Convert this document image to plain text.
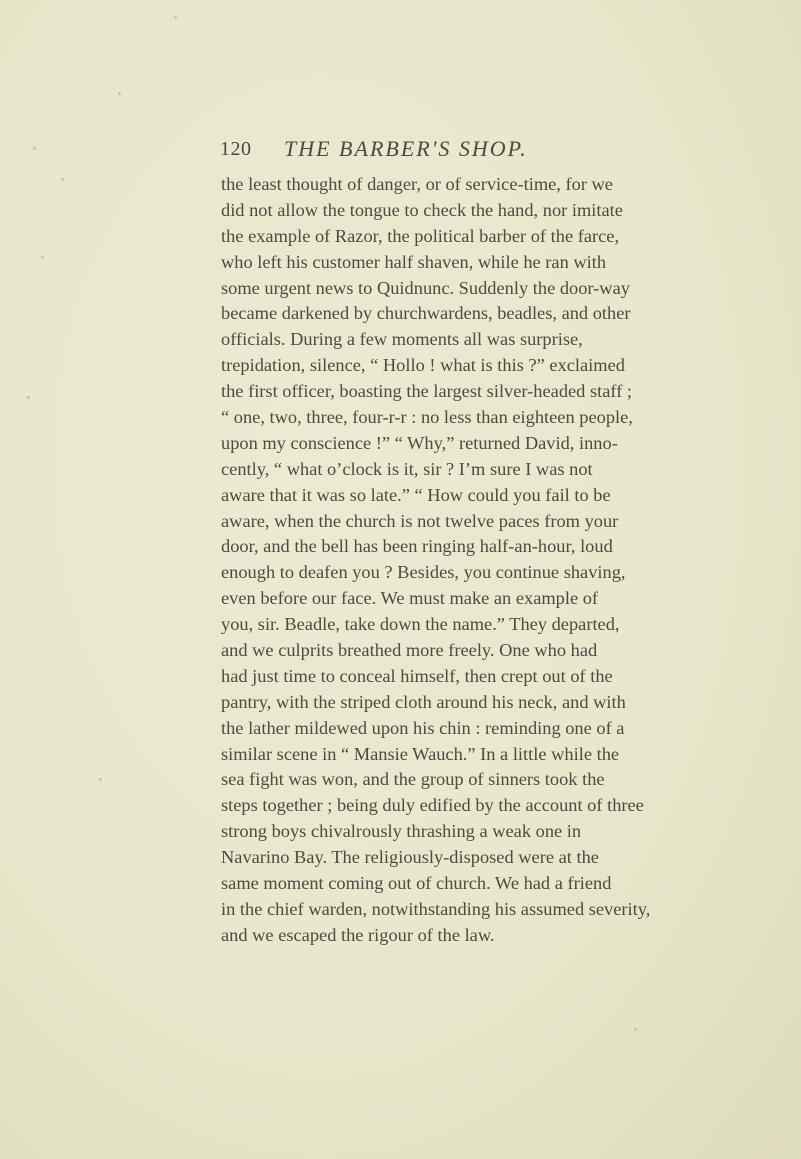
120 THE BARBER'S SHOP.
the least thought of danger, or of service-time, for we
did not allow the tongue to check the hand, nor imitate
the example of Razor, the political barber of the farce,
who left his customer half shaven, while he ran with
some urgent news to Quidnunc. Suddenly the door-way
became darkened by churchwardens, beadles, and other
officials. During a few moments all was surprise,
trepidation, silence, “ Hollo ! what is this ?” exclaimed
the first officer, boasting the largest silver-headed staff ;
“ one, two, three, four-r-r : no less than eighteen people,
upon my conscience !” “ Why,” returned David, inno-
cently, “ what o’clock is it, sir ? I’m sure I was not
aware that it was so late.” “ How could you fail to be
aware, when the church is not twelve paces from your
door, and the bell has been ringing half-an-hour, loud
enough to deafen you ? Besides, you continue shaving,
even before our face. We must make an example of
you, sir. Beadle, take down the name.” They departed,
and we culprits breathed more freely. One who had
had just time to conceal himself, then crept out of the
pantry, with the striped cloth around his neck, and with
the lather mildewed upon his chin : reminding one of a
similar scene in “ Mansie Wauch.” In a little while the
sea fight was won, and the group of sinners took the
steps together ; being duly edified by the account of three
strong boys chivalrously thrashing a weak one in
Navarino Bay. The religiously-disposed were at the
same moment coming out of church. We had a friend
in the chief warden, notwithstanding his assumed severity,
and we escaped the rigour of the law.
